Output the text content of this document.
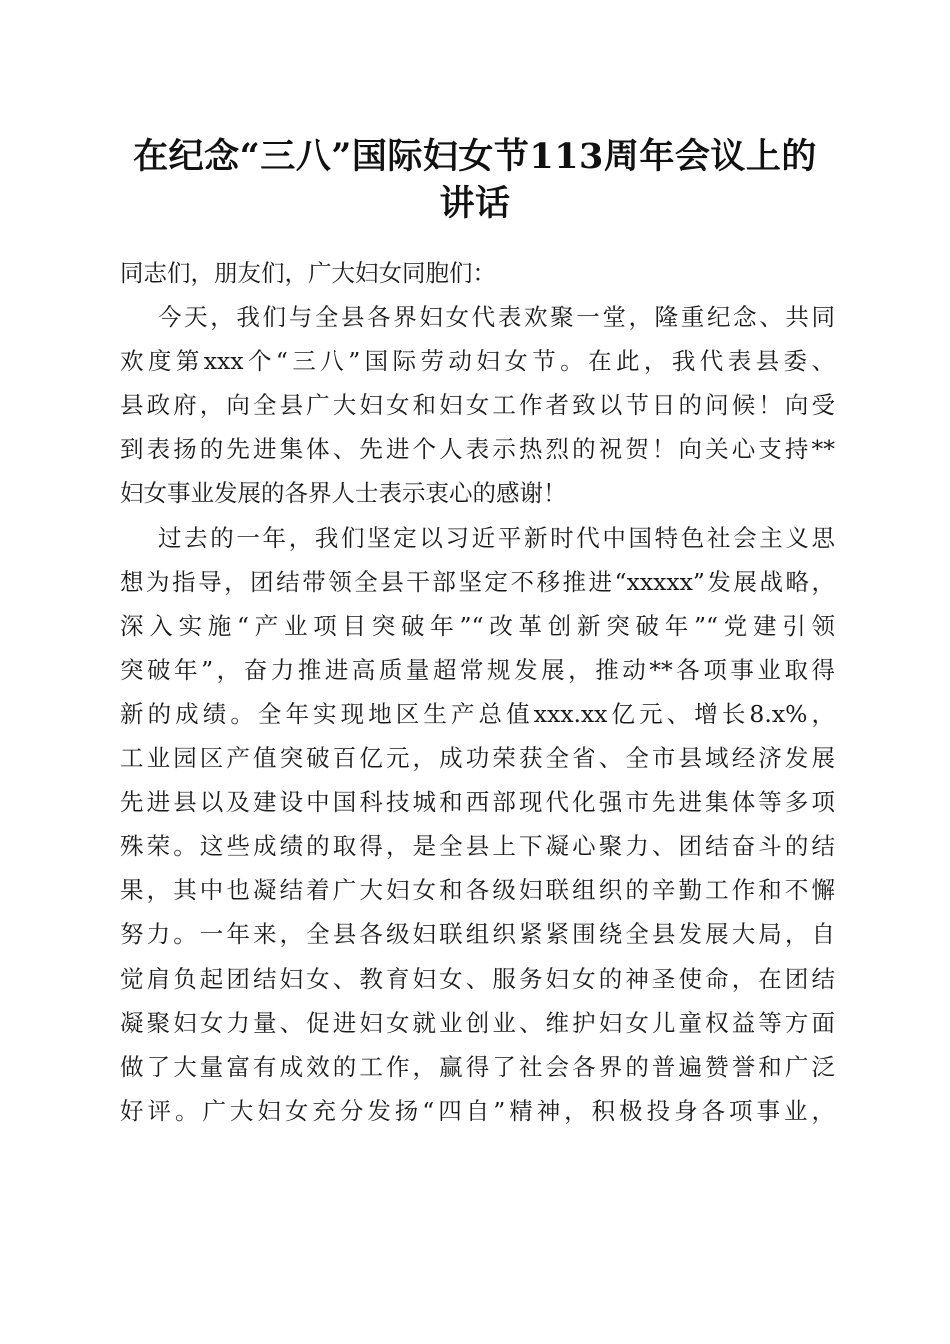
在纪念“三八”国际妇女节113周年会议上的
讲话
同志们，朋友们，广大妇女同胞们：
今天，我们与全县各界妇女代表欢聚一堂，隆重纪念、共同
欢度第xxx个“三八”国际劳动妇女节。在此，我代表县委、
县政府，向全县广大妇女和妇女工作者致以节日的问候！向受
到表扬的先进集体、先进个人表示热烈的祝贺！向关心支持**
妇女事业发展的各界人士表示衷心的感谢！
过去的一年，我们坚定以习近平新时代中国特色社会主义思
想为指导，团结带领全县干部坚定不移推进“xxxxx”发展战略，
深入实施“产业项目突破年”“改革创新突破年”“党建引领
突破年”，奋力推进高质量超常规发展，推动**各项事业取得
新的成绩。全年实现地区生产总值xxx.xx亿元、增长8.x%，
工业园区产值突破百亿元，成功荣获全省、全市县域经济发展
先进县以及建设中国科技城和西部现代化强市先进集体等多项
殊荣。这些成绩的取得，是全县上下凝心聚力、团结奋斗的结
果，其中也凝结着广大妇女和各级妇联组织的辛勤工作和不懈
努力。一年来，全县各级妇联组织紧紧围绕全县发展大局，自
觉肩负起团结妇女、教育妇女、服务妇女的神圣使命，在团结
凝聚妇女力量、促进妇女就业创业、维护妇女儿童权益等方面
做了大量富有成效的工作，赢得了社会各界的普遍赞誉和广泛
好评。广大妇女充分发扬“四自”精神，积极投身各项事业，
